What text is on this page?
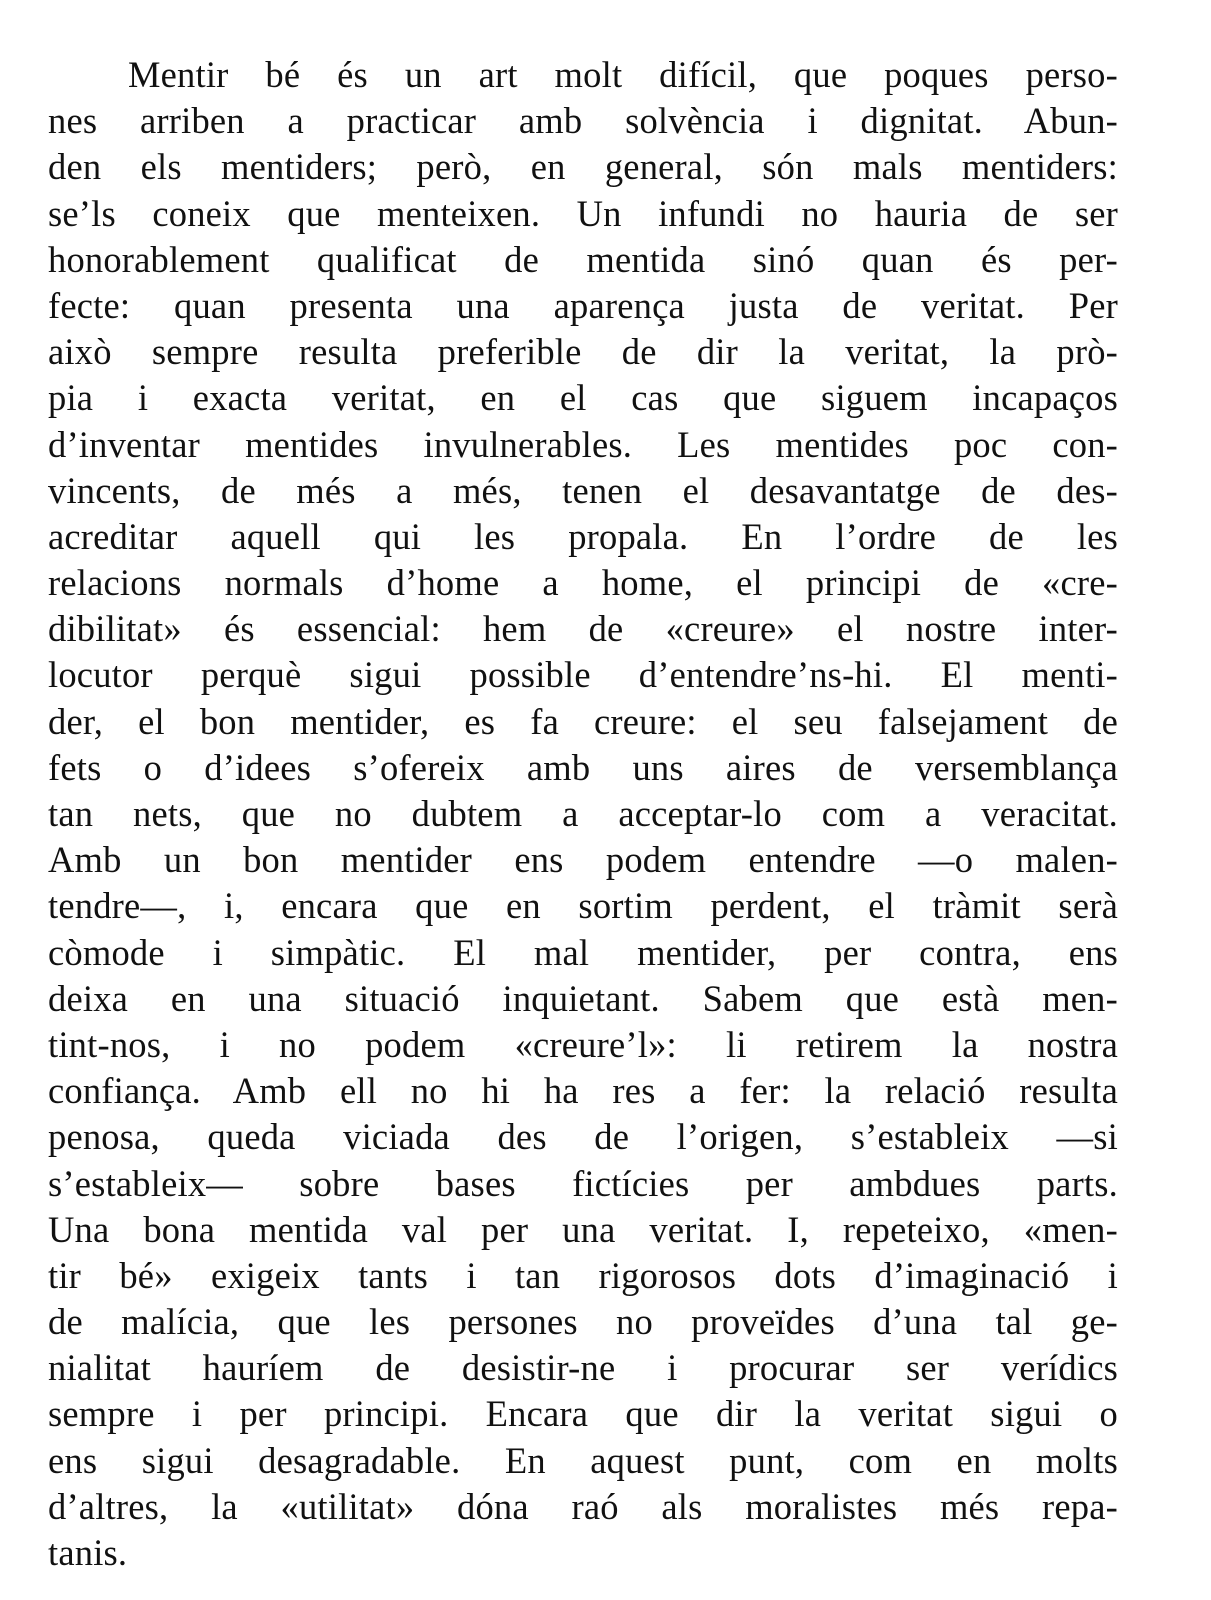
Mentir bé és un art molt difícil, que poques perso-
nes arriben a practicar amb solvència i dignitat. Abun-
den els mentiders; però, en general, són mals mentiders:
se’ls coneix que menteixen. Un infundi no hauria de ser
honorablement qualificat de mentida sinó quan és per-
fecte: quan presenta una aparença justa de veritat. Per
això sempre resulta preferible de dir la veritat, la prò-
pia i exacta veritat, en el cas que siguem incapaços
d’inventar mentides invulnerables. Les mentides poc con-
vincents, de més a més, tenen el desavantatge de des-
acreditar aquell qui les propala. En l’ordre de les
relacions normals d’home a home, el principi de «cre-
dibilitat» és essencial: hem de «creure» el nostre inter-
locutor perquè sigui possible d’entendre’ns-hi. El menti-
der, el bon mentider, es fa creure: el seu falsejament de
fets o d’idees s’ofereix amb uns aires de versemblança
tan nets, que no dubtem a acceptar-lo com a veracitat.
Amb un bon mentider ens podem entendre —o malen-
tendre—, i, encara que en sortim perdent, el tràmit serà
còmode i simpàtic. El mal mentider, per contra, ens
deixa en una situació inquietant. Sabem que està men-
tint-nos, i no podem «creure’l»: li retirem la nostra
confiança. Amb ell no hi ha res a fer: la relació resulta
penosa, queda viciada des de l’origen, s’estableix —si
s’estableix— sobre bases fictícies per ambdues parts.
Una bona mentida val per una veritat. I, repeteixo, «men-
tir bé» exigeix tants i tan rigorosos dots d’imaginació i
de malícia, que les persones no proveïdes d’una tal ge-
nialitat hauríem de desistir-ne i procurar ser verídics
sempre i per principi. Encara que dir la veritat sigui o
ens sigui desagradable. En aquest punt, com en molts
d’altres, la «utilitat» dóna raó als moralistes més repa-
tanis.
